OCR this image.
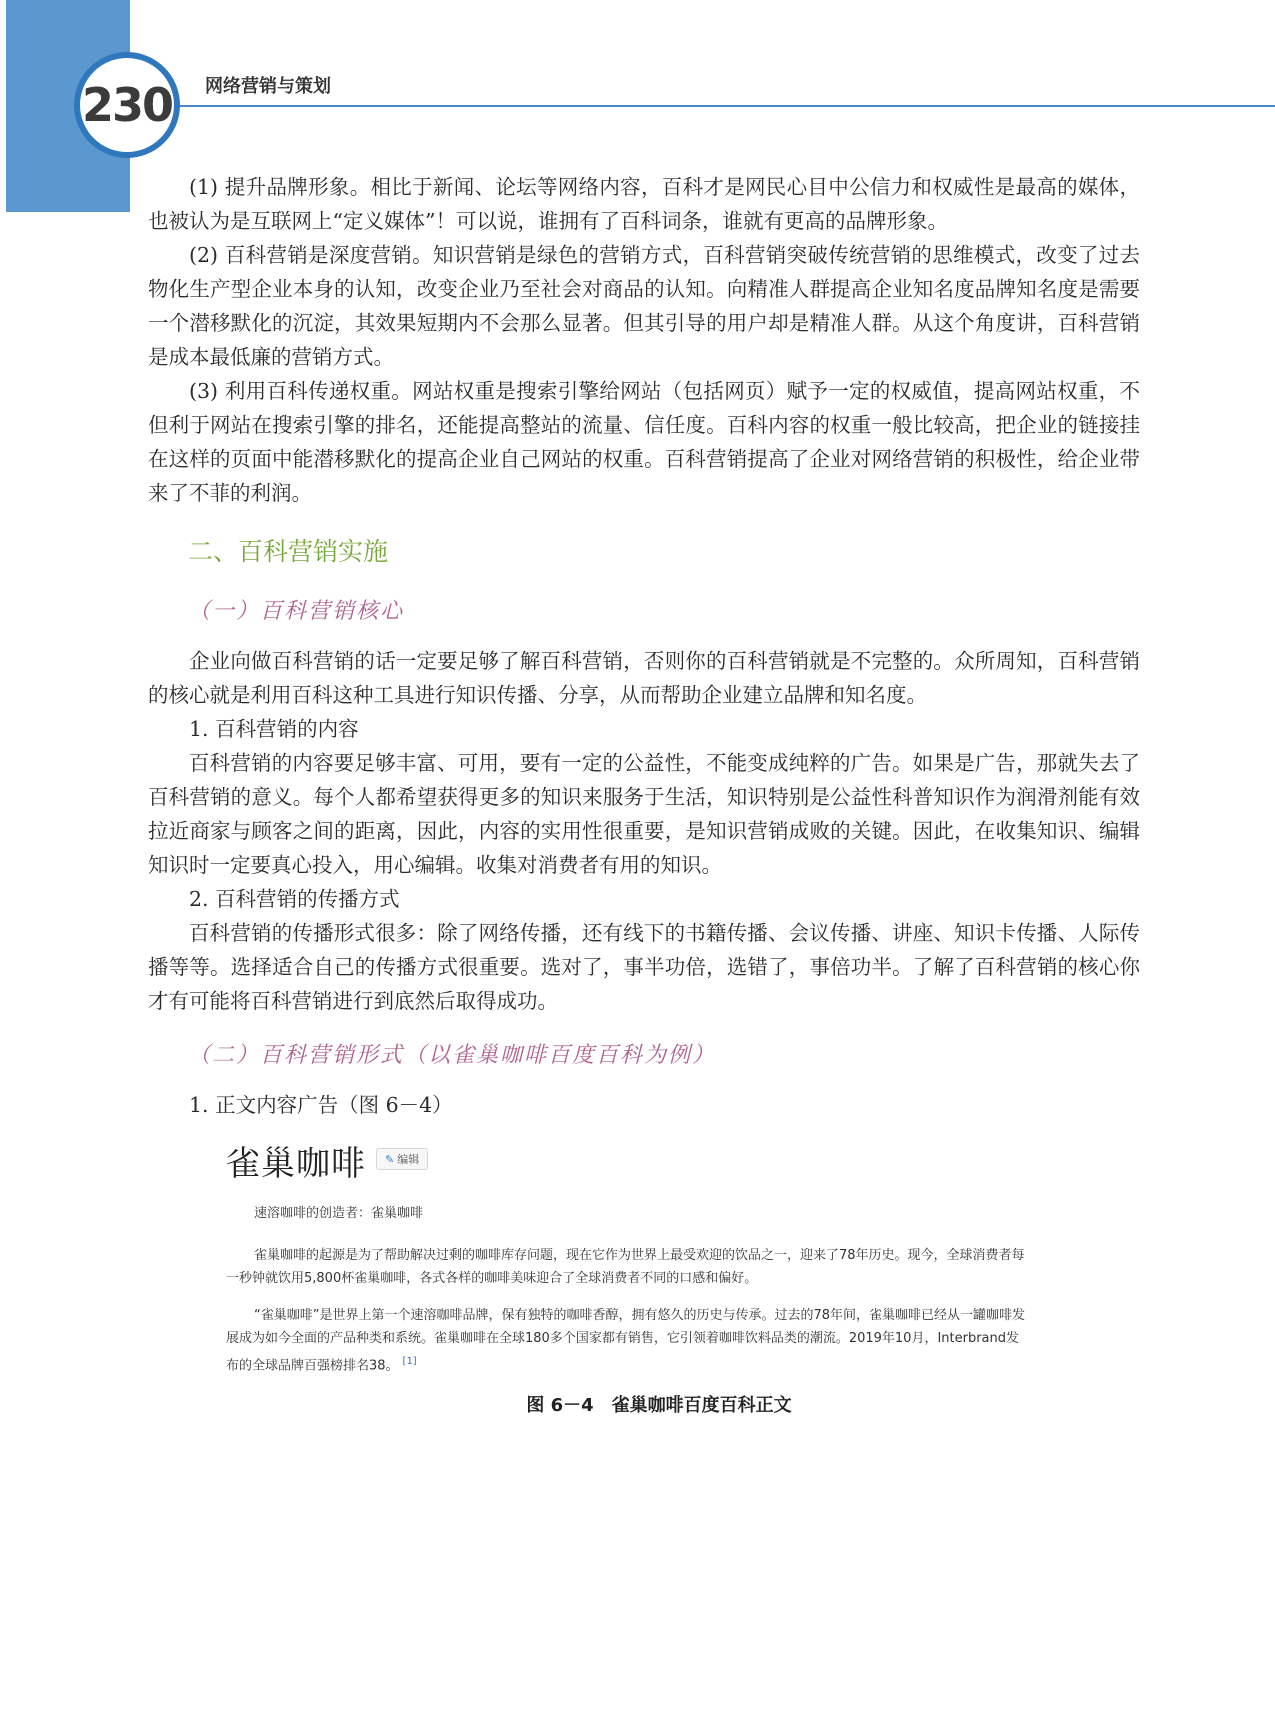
230 网络营销与策划

(1) 提升品牌形象。相比于新闻、论坛等网络内容，百科才是网民心目中公信力和权威性是最高的媒体，也被认为是互联网上“定义媒体”！可以说，谁拥有了百科词条，谁就有更高的品牌形象。

(2) 百科营销是深度营销。知识营销是绿色的营销方式，百科营销突破传统营销的思维模式，改变了过去物化生产型企业本身的认知，改变企业乃至社会对商品的认知。向精准人群提高企业知名度品牌知名度是需要一个潜移默化的沉淀，其效果短期内不会那么显著。但其引导的用户却是精准人群。从这个角度讲，百科营销是成本最低廉的营销方式。

(3) 利用百科传递权重。网站权重是搜索引擎给网站（包括网页）赋予一定的权威值，提高网站权重，不但利于网站在搜索引擎的排名，还能提高整站的流量、信任度。百科内容的权重一般比较高，把企业的链接挂在这样的页面中能潜移默化的提高企业自己网站的权重。百科营销提高了企业对网络营销的积极性，给企业带来了不菲的利润。

二、百科营销实施
（一）百科营销核心

企业向做百科营销的话一定要足够了解百科营销，否则你的百科营销就是不完整的。众所周知，百科营销的核心就是利用百科这种工具进行知识传播、分享，从而帮助企业建立品牌和知名度。

1. 百科营销的内容

百科营销的内容要足够丰富、可用，要有一定的公益性，不能变成纯粹的广告。如果是广告，那就失去了百科营销的意义。每个人都希望获得更多的知识来服务于生活，知识特别是公益性科普知识作为润滑剂能有效拉近商家与顾客之间的距离，因此，内容的实用性很重要，是知识营销成败的关键。因此，在收集知识、编辑知识时一定要真心投入，用心编辑。收集对消费者有用的知识。

2. 百科营销的传播方式

百科营销的传播形式很多：除了网络传播，还有线下的书籍传播、会议传播、讲座、知识卡传播、人际传播等等。选择适合自己的传播方式很重要。选对了，事半功倍，选错了，事倍功半。了解了百科营销的核心你才有可能将百科营销进行到底然后取得成功。

（二）百科营销形式（以雀巢咖啡百度百科为例）

1. 正文内容广告（图 6－4）

雀巢咖啡	✎ 编辑
速溶咖啡的创造者：雀巢咖啡

雀巢咖啡的起源是为了帮助解决过剩的咖啡库存问题，现在它作为世界上最受欢迎的饮品之一，迎来了78年历史。现今，全球消费者每一秒钟就饮用5,800杯雀巢咖啡，各式各样的咖啡美味迎合了全球消费者不同的口感和偏好。

“雀巢咖啡”是世界上第一个速溶咖啡品牌，保有独特的咖啡香醇，拥有悠久的历史与传承。过去的78年间，雀巢咖啡已经从一罐咖啡发展成为如今全面的产品种类和系统。雀巢咖啡在全球180多个国家都有销售，它引领着咖啡饮料品类的潮流。2019年10月，Interbrand发布的全球品牌百强榜排名38。 [1]

图 6－4　雀巢咖啡百度百科正文
